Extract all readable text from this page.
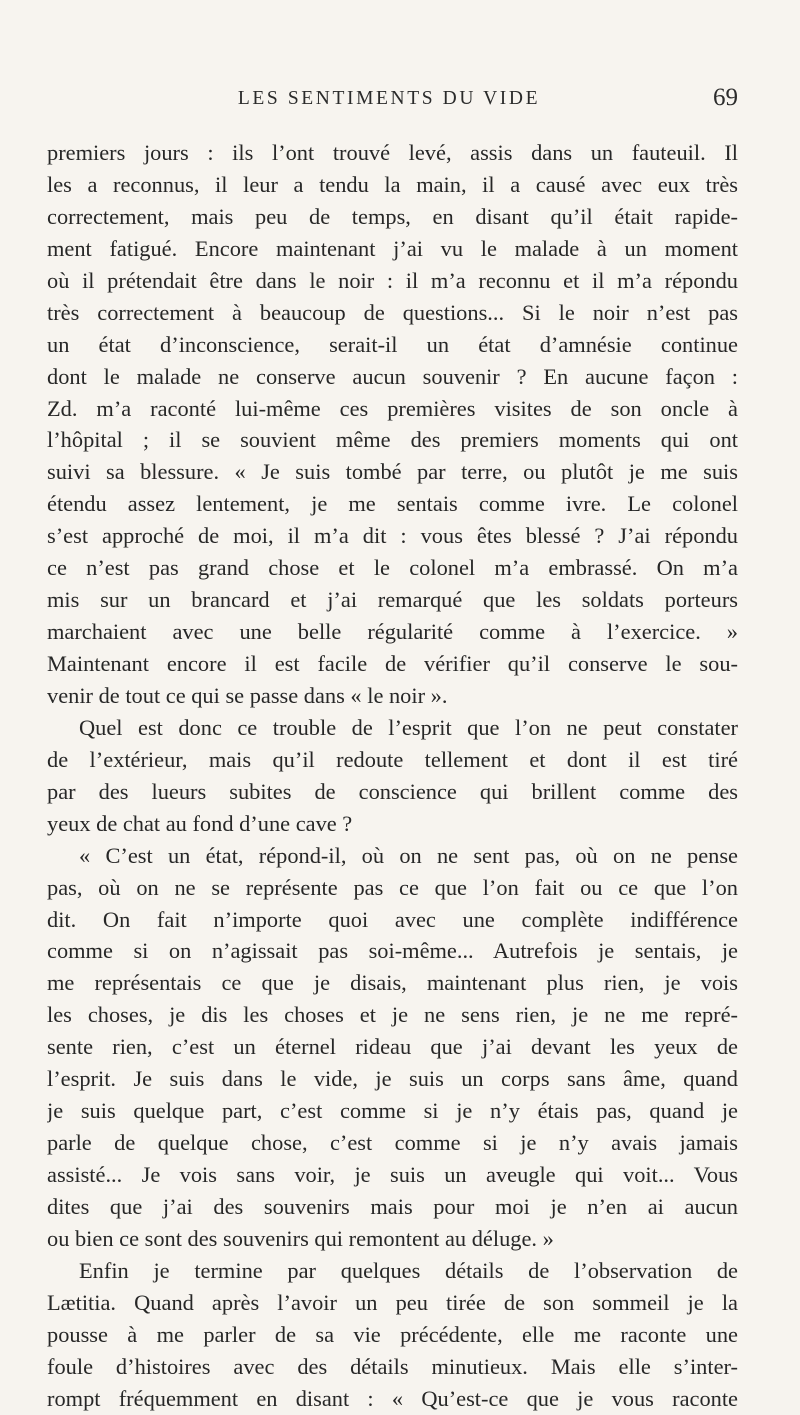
LES SENTIMENTS DU VIDE	69
premiers jours : ils l’ont trouvé levé, assis dans un fauteuil. Il
les a reconnus, il leur a tendu la main, il a causé avec eux très
correctement, mais peu de temps, en disant qu’il était rapide-
ment fatigué. Encore maintenant j’ai vu le malade à un moment
où il prétendait être dans le noir : il m’a reconnu et il m’a répondu
très correctement à beaucoup de questions... Si le noir n’est pas
un état d’inconscience, serait-il un état d’amnésie continue
dont le malade ne conserve aucun souvenir ? En aucune façon :
Zd. m’a raconté lui-même ces premières visites de son oncle à
l’hôpital ; il se souvient même des premiers moments qui ont
suivi sa blessure. « Je suis tombé par terre, ou plutôt je me suis
étendu assez lentement, je me sentais comme ivre. Le colonel
s’est approché de moi, il m’a dit : vous êtes blessé ? J’ai répondu
ce n’est pas grand chose et le colonel m’a embrassé. On m’a
mis sur un brancard et j’ai remarqué que les soldats porteurs
marchaient avec une belle régularité comme à l’exercice. »
Maintenant encore il est facile de vérifier qu’il conserve le sou-
venir de tout ce qui se passe dans « le noir ».
Quel est donc ce trouble de l’esprit que l’on ne peut constater
de l’extérieur, mais qu’il redoute tellement et dont il est tiré
par des lueurs subites de conscience qui brillent comme des
yeux de chat au fond d’une cave ?
« C’est un état, répond-il, où on ne sent pas, où on ne pense
pas, où on ne se représente pas ce que l’on fait ou ce que l’on
dit. On fait n’importe quoi avec une complète indifférence
comme si on n’agissait pas soi-même... Autrefois je sentais, je
me représentais ce que je disais, maintenant plus rien, je vois
les choses, je dis les choses et je ne sens rien, je ne me repré-
sente rien, c’est un éternel rideau que j’ai devant les yeux de
l’esprit. Je suis dans le vide, je suis un corps sans âme, quand
je suis quelque part, c’est comme si je n’y étais pas, quand je
parle de quelque chose, c’est comme si je n’y avais jamais
assisté... Je vois sans voir, je suis un aveugle qui voit... Vous
dites que j’ai des souvenirs mais pour moi je n’en ai aucun
ou bien ce sont des souvenirs qui remontent au déluge. »
Enfin je termine par quelques détails de l’observation de
Lætitia. Quand après l’avoir un peu tirée de son sommeil je la
pousse à me parler de sa vie précédente, elle me raconte une
foule d’histoires avec des détails minutieux. Mais elle s’inter-
rompt fréquemment en disant : « Qu’est-ce que je vous raconte
